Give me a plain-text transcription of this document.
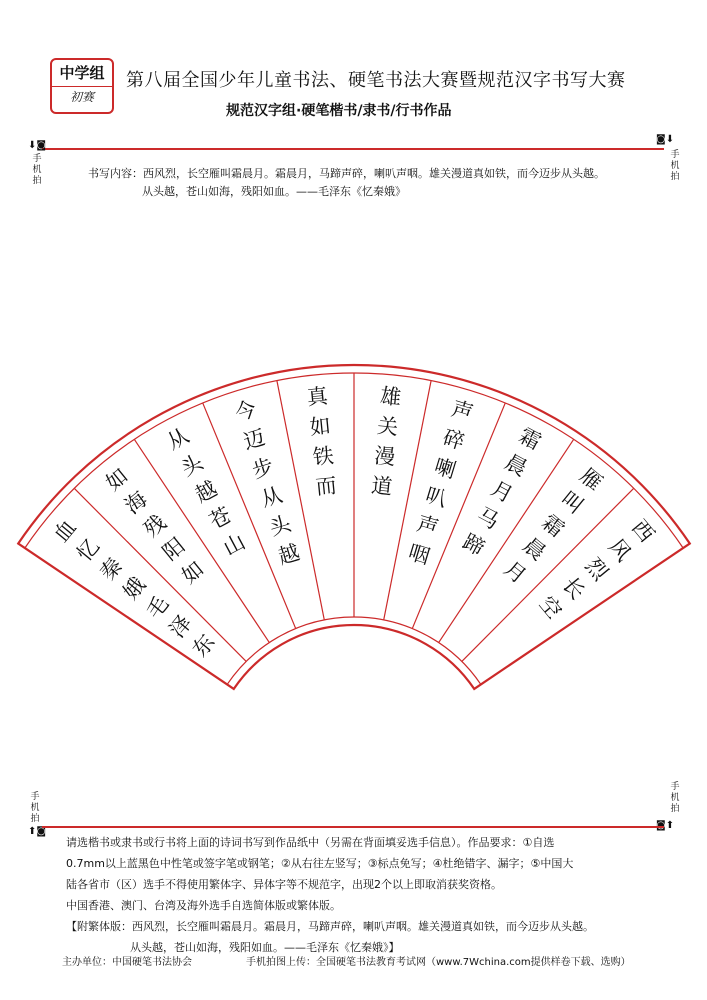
中学组
初赛
第八届全国少年儿童书法、硬笔书法大赛暨规范汉字书写大赛
规范汉字组·硬笔楷书/隶书/行书作品
⬇◙
手机拍
◙⬇
手机拍
书写内容：西风烈，长空雁叫霜晨月。霜晨月，马蹄声碎，喇叭声咽。雄关漫道真如铁，而今迈步从头越。
从头越，苍山如海，残阳如血。——毛泽东《忆秦娥》
西
风
烈
长
空
雁
叫
霜
晨
月
霜
晨
月
马
蹄
声
碎
喇
叭
声
咽
雄
关
漫
道
真
如
铁
而
今
迈
步
从
头
越
从
头
越
苍
山
如
海
残
阳
如
血
忆
秦
娥
毛
泽
东
手机拍
⬆◙
手机拍
◙⬆

请选楷书或隶书或行书将上面的诗词书写到作品纸中（另需在背面填妥选手信息）。作品要求：①自选

0.7mm以上蓝黑色中性笔或签字笔或钢笔；②从右往左竖写；③标点免写；④杜绝错字、漏字；⑤中国大

陆各省市（区）选手不得使用繁体字、异体字等不规范字，出现2个以上即取消获奖资格。

中国香港、澳门、台湾及海外选手自选简体版或繁体版。

【附繁体版：西风烈，长空雁叫霜晨月。霜晨月，马蹄声碎，喇叭声咽。雄关漫道真如铁，而今迈步从头越。

从头越，苍山如海，残阳如血。——毛泽东《忆秦娥》】

主办单位：中国硬笔书法协会	手机拍图上传：全国硬笔书法教育考试网（www.7Wchina.com提供样卷下载、选购）
